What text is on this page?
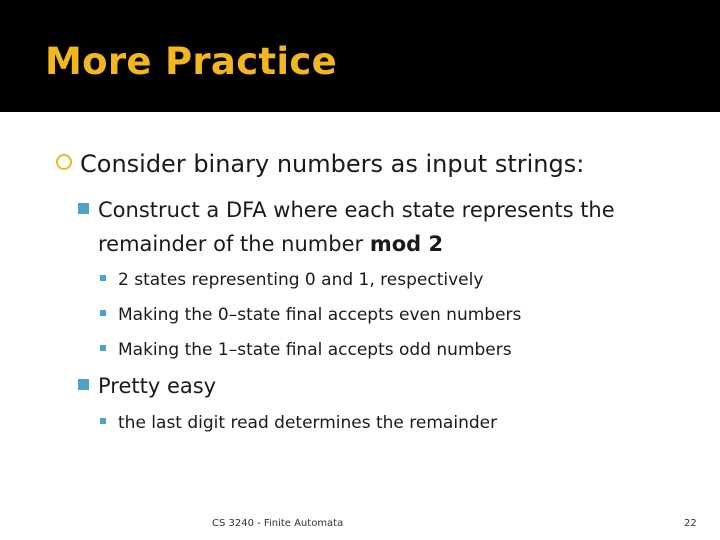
More Practice
Consider binary numbers as input strings:
Construct a DFA where each state represents the
remainder of the number mod 2
2 states representing 0 and 1, respectively
Making the 0–state final accepts even numbers
Making the 1–state final accepts odd numbers
Pretty easy
the last digit read determines the remainder
CS 3240 - Finite Automata	22
